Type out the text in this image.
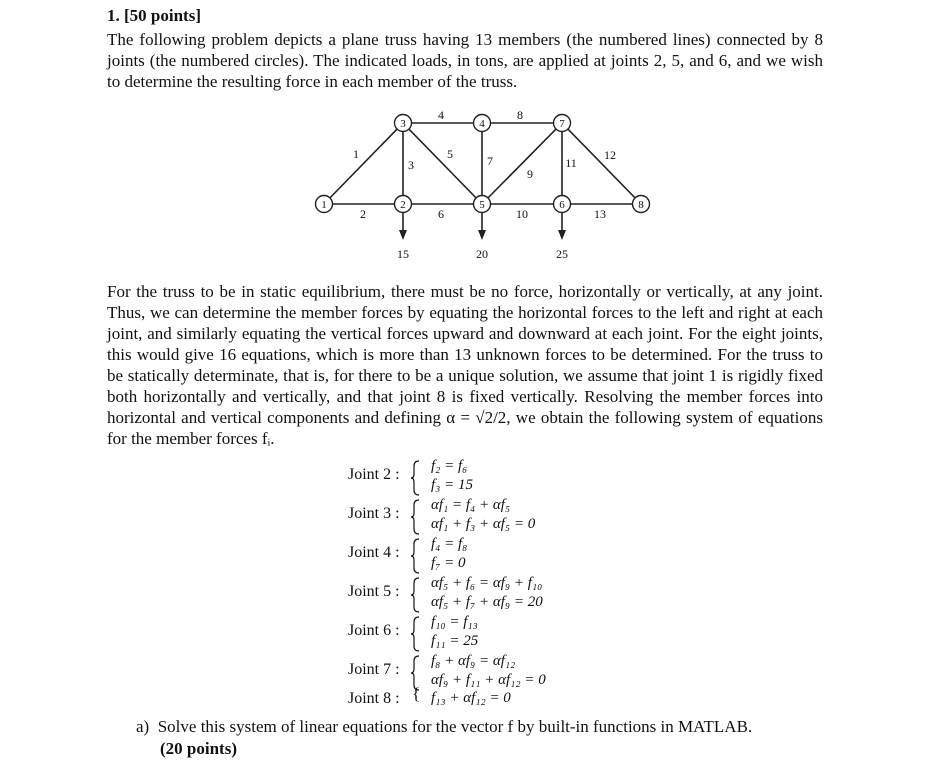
1. [50 points]
The following problem depicts a plane truss having 13 members (the numbered lines) connected by 8 joints (the numbered circles). The indicated loads, in tons, are applied at joints 2, 5, and 6, and we wish to determine the resulting force in each member of the truss.
1	2
3	4
5	6
7
8
1
2
3
4
5
6
7
8
9
10
11
12
13
15	20	25
For the truss to be in static equilibrium, there must be no force, horizontally or vertically, at any joint. Thus, we can determine the member forces by equating the horizontal forces to the left and right at each joint, and similarly equating the vertical forces upward and downward at each joint. For the eight joints, this would give 16 equations, which is more than 13 unknown forces to be determined. For the truss to be statically determinate, that is, for there to be a unique solution, we assume that joint 1 is rigidly fixed both horizontally and vertically, and that joint 8 is fixed vertically. Resolving the member forces into horizontal and vertical components and defining α = √2/2, we obtain the following system of equations for the member forces fᵢ.
Joint 2 : f₂ = f₆
f₃ = 15
Joint 3 : αf₁ = f₄ + αf₅
αf₁ + f₃ + αf₅ = 0
Joint 4 : f₄ = f₈
f₇ = 0
Joint 5 : αf₅ + f₆ = αf₉ + f₁₀
αf₅ + f₇ + αf₉ = 20
Joint 6 : f₁₀ = f₁₃
f₁₁ = 25
Joint 7 : f₈ + αf₉ = αf₁₂
αf₉ + f₁₁ + αf₁₂ = 0
Joint 8 : { f₁₃ + αf₁₂ = 0
a) Solve this system of linear equations for the vector f by built-in functions in MATLAB.
(20 points)
